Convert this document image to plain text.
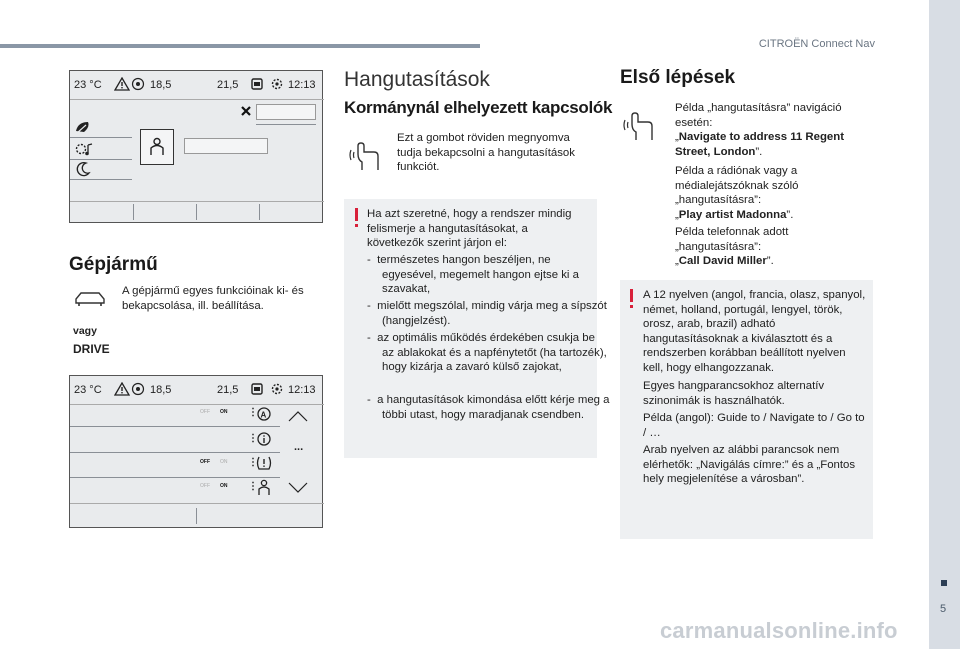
CITROËN Connect Nav
5
carmanualsonline.info
23 °C	18,5	21,5	12:13
Gépjármű
A gépjármű egyes funkcióinak ki- és bekapcsolása, ill. beállítása.
vagy
DRIVE
23 °C	18,5	21,5	12:13
OFF ON ⋮ A
⋮
...
OFF ON ⋮
OFF ON ⋮
Hangutasítások
Kormánynál elhelyezett kapcsolók
Ezt a gombot röviden megnyomva tudja bekapcsolni a hangutasítások funkciót.
Ha azt szeretné, hogy a rendszer mindig felismerje a hangutasításokat, a következők szerint járjon el:
-  természetes hangon beszéljen, ne egyesével, megemelt hangon ejtse ki a szavakat,
-  mielőtt megszólal, mindig várja meg a sípszót (hangjelzést).
-  az optimális működés érdekében csukja be az ablakokat és a napfénytetőt (ha tartozék), hogy kizárja a zavaró külső zajokat,
-  a hangutasítások kimondása előtt kérje meg a többi utast, hogy maradjanak csendben.
Első lépések
Példa „hangutasításra” navigáció esetén:
„Navigate to address 11 Regent Street, London”.
Példa a rádiónak vagy a médialejátszóknak szóló „hangutasításra”:
„Play artist Madonna”.
Példa telefonnak adott „hangutasításra”:
„Call David Miller”.
A 12 nyelven (angol, francia, olasz, spanyol, német, holland, portugál, lengyel, török, orosz, arab, brazil) adható hangutasításoknak a kiválasztott és a rendszerben korábban beállított nyelven kell, hogy elhangozzanak.
Egyes hangparancsokhoz alternatív szinonimák is használhatók.
Példa (angol): Guide to / Navigate to / Go to / …
Arab nyelven az alábbi parancsok nem elérhetők: „Navigálás címre:” és a „Fontos hely megjelenítése a városban”.
